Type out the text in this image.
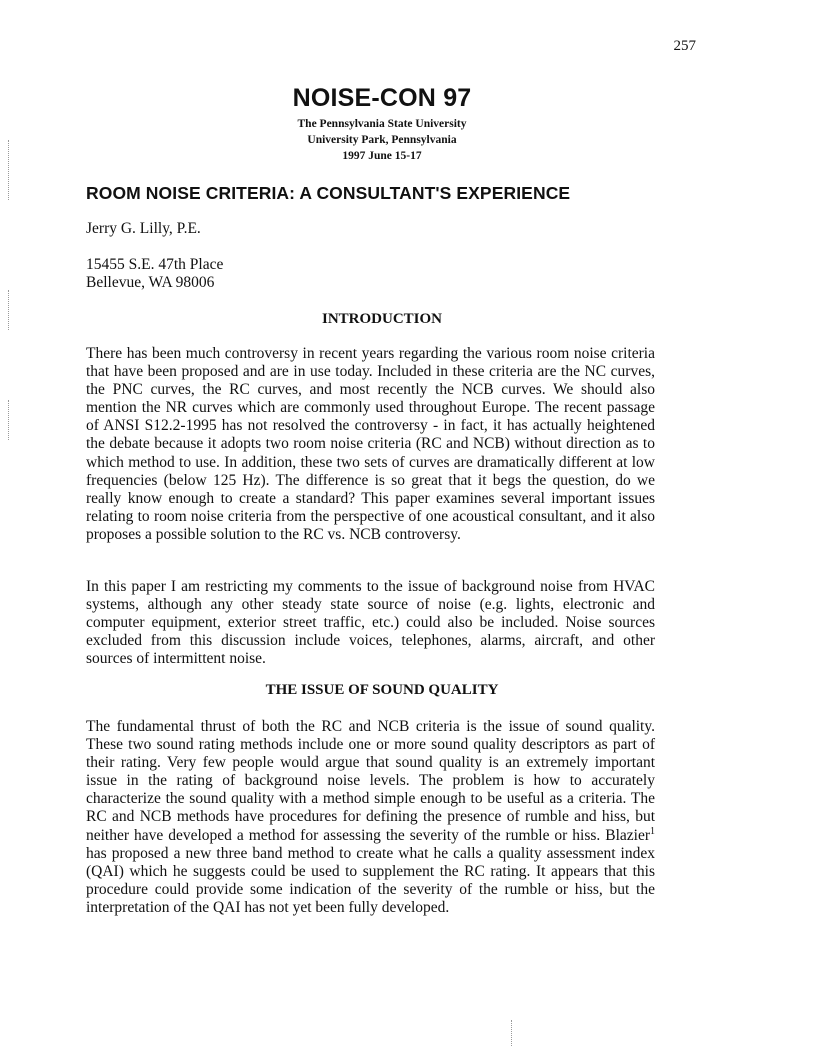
257
NOISE-CON 97
The Pennsylvania State University
University Park, Pennsylvania
1997 June 15-17
ROOM NOISE CRITERIA: A CONSULTANT'S EXPERIENCE
Jerry G. Lilly, P.E.
15455 S.E. 47th Place
Bellevue, WA 98006
INTRODUCTION
There has been much controversy in recent years regarding the various room noise criteria that have been proposed and are in use today. Included in these criteria are the NC curves, the PNC curves, the RC curves, and most recently the NCB curves. We should also mention the NR curves which are commonly used throughout Europe. The recent passage of ANSI S12.2-1995 has not resolved the controversy - in fact, it has actually heightened the debate because it adopts two room noise criteria (RC and NCB) without direction as to which method to use. In addition, these two sets of curves are dramatically different at low frequencies (below 125 Hz). The difference is so great that it begs the question, do we really know enough to create a standard? This paper examines several important issues relating to room noise criteria from the perspective of one acoustical consultant, and it also proposes a possible solution to the RC vs. NCB controversy.
In this paper I am restricting my comments to the issue of background noise from HVAC systems, although any other steady state source of noise (e.g. lights, electronic and computer equipment, exterior street traffic, etc.) could also be included. Noise sources excluded from this discussion include voices, telephones, alarms, aircraft, and other sources of intermittent noise.
THE ISSUE OF SOUND QUALITY
The fundamental thrust of both the RC and NCB criteria is the issue of sound quality. These two sound rating methods include one or more sound quality descriptors as part of their rating. Very few people would argue that sound quality is an extremely important issue in the rating of background noise levels. The problem is how to accurately characterize the sound quality with a method simple enough to be useful as a criteria. The RC and NCB methods have procedures for defining the presence of rumble and hiss, but neither have developed a method for assessing the severity of the rumble or hiss. Blazier$^1$ has proposed a new three band method to create what he calls a quality assessment index (QAI) which he suggests could be used to supplement the RC rating. It appears that this procedure could provide some indication of the severity of the rumble or hiss, but the interpretation of the QAI has not yet been fully developed.
